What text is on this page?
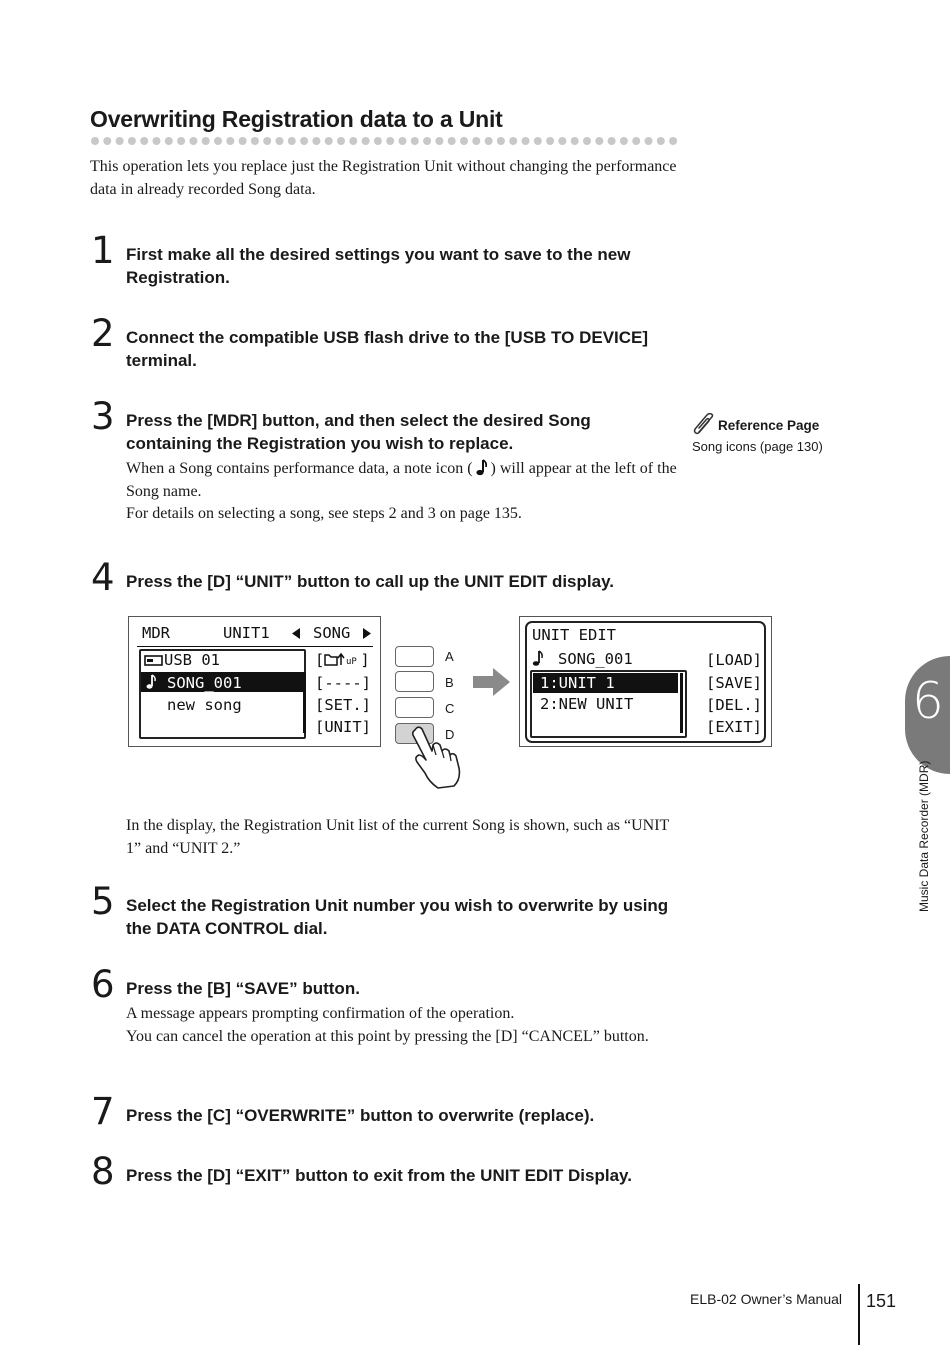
Overwriting Registration data to a Unit

This operation lets you replace just the Registration Unit without changing the performance data in already recorded Song data.

1 First make all the desired settings you want to save to the new Registration.
2 Connect the compatible USB flash drive to the [USB TO DEVICE] terminal.
3 Press the [MDR] button, and then select the desired Song containing the Registration you wish to replace.

When a Song contains performance data, a note icon ( ) will appear at the left of the Song name.

For details on selecting a song, see steps 2 and 3 on page 135.

Reference Page
Song icons (page 130)
4 Press the [D] “UNIT” button to call up the UNIT EDIT display.
MDR	UNIT1	SONG
USB 01
SONG_001
new song
[ uP ]
[----]
[SET.]
[UNIT]
A
B
C
D
UNIT EDIT
SONG_001
1:UNIT 1
2:NEW UNIT
[LOAD]
[SAVE]
[DEL.]
[EXIT]

In the display, the Registration Unit list of the current Song is shown, such as “UNIT 1” and “UNIT 2.”

5 Select the Registration Unit number you wish to overwrite by using the DATA CONTROL dial.
6 Press the [B] “SAVE” button.

A message appears prompting confirmation of the operation.

You can cancel the operation at this point by pressing the [D] “CANCEL” button.

7 Press the [C] “OVERWRITE” button to overwrite (replace).
8 Press the [D] “EXIT” button to exit from the UNIT EDIT Display.
6
Music Data Recorder (MDR)
ELB-02 Owner’s Manual 151
